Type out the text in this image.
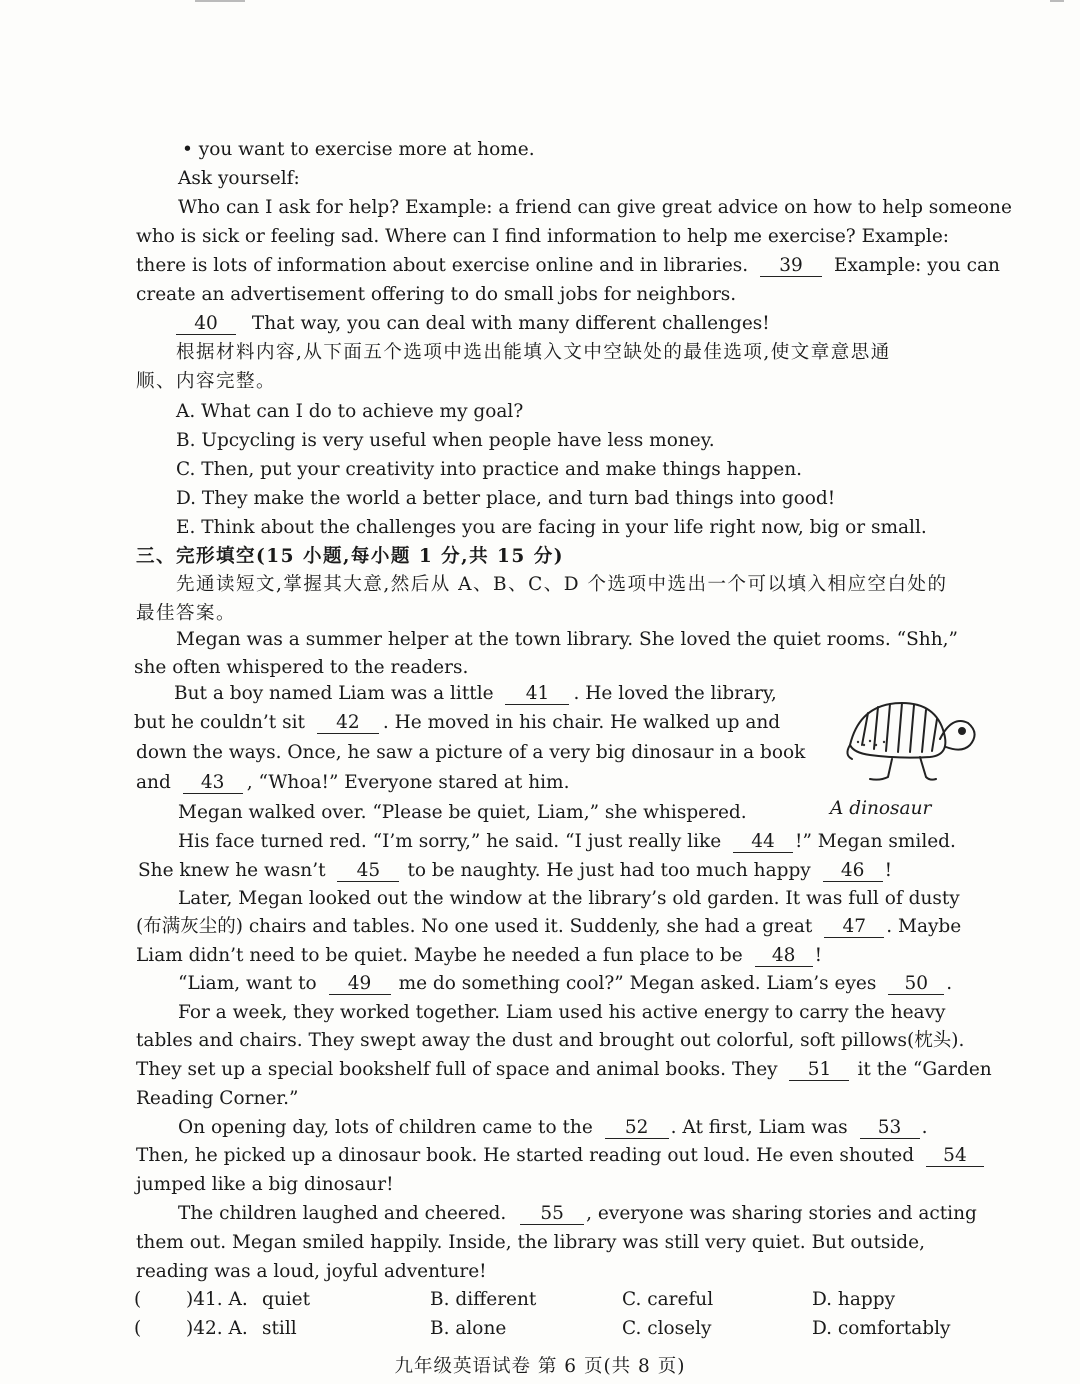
• you want to exercise more at home.
Ask yourself:
Who can I ask for help? Example: a friend can give great advice on how to help someone
who is sick or feeling sad. Where can I find information to help me exercise? Example:
there is lots of information about exercise online and in libraries. 39 Example: you can
create an advertisement offering to do small jobs for neighbors.
40 That way, you can deal with many different challenges!
根据材料内容,从下面五个选项中选出能填入文中空缺处的最佳选项,使文章意思通
顺、内容完整。
A. What can I do to achieve my goal?
B. Upcycling is very useful when people have less money.
C. Then, put your creativity into practice and make things happen.
D. They make the world a better place, and turn bad things into good!
E. Think about the challenges you are facing in your life right now, big or small.
三、完形填空(15 小题,每小题 1 分,共 15 分)
先通读短文,掌握其大意,然后从 A、B、C、D 个选项中选出一个可以填入相应空白处的
最佳答案。
Megan was a summer helper at the town library. She loved the quiet rooms. “Shh,”
she often whispered to the readers.
But a boy named Liam was a little 41 . He loved the library,
but he couldn’t sit 42 . He moved in his chair. He walked up and
down the ways. Once, he saw a picture of a very big dinosaur in a book
and 43 , “Whoa!” Everyone stared at him.
Megan walked over. “Please be quiet, Liam,” she whispered.	A dinosaur
His face turned red. “I’m sorry,” he said. “I just really like 44 !” Megan smiled.
She knew he wasn’t 45 to be naughty. He just had too much happy 46 !
Later, Megan looked out the window at the library’s old garden. It was full of dusty
(布满灰尘的) chairs and tables. No one used it. Suddenly, she had a great 47 . Maybe
Liam didn’t need to be quiet. Maybe he needed a fun place to be 48 !
“Liam, want to 49 me do something cool?” Megan asked. Liam’s eyes 50 .
For a week, they worked together. Liam used his active energy to carry the heavy
tables and chairs. They swept away the dust and brought out colorful, soft pillows(枕头).
They set up a special bookshelf full of space and animal books. They 51 it the “Garden
Reading Corner.”
On opening day, lots of children came to the 52 . At first, Liam was 53 .
Then, he picked up a dinosaur book. He started reading out loud. He even shouted 54
jumped like a big dinosaur!
The children laughed and cheered. 55 , everyone was sharing stories and acting
them out. Megan smiled happily. Inside, the library was still very quiet. But outside,
reading was a loud, joyful adventure!
( )41. A. quiet	B. different	C. careful	D. happy
( )42. A. still	B. alone	C. closely	D. comfortably
九年级英语试卷 第 6 页(共 8 页)
